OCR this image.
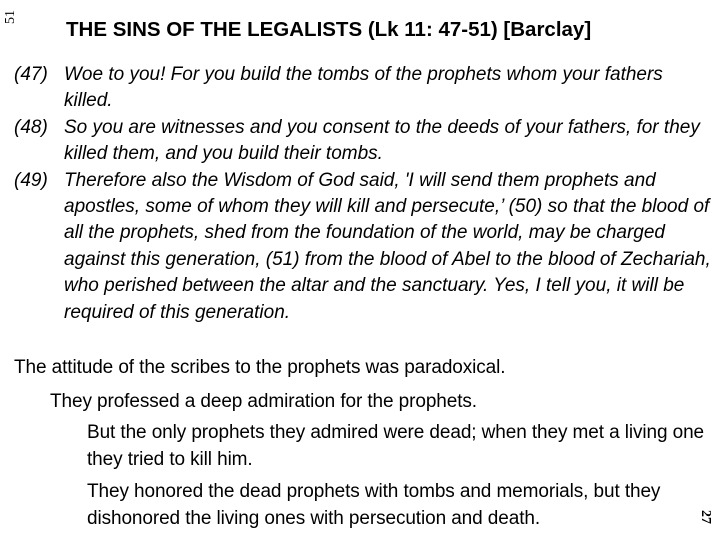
51
THE SINS OF THE LEGALISTS (Lk 11: 47-51) [Barclay]
(47) Woe to you! For you build the tombs of the prophets whom your fathers killed.
(48) So you are witnesses and you consent to the deeds of your fathers, for they killed them, and you build their tombs.
(49) Therefore also the Wisdom of God said, 'I will send them prophets and apostles, some of whom they will kill and persecute,’ (50) so that the blood of all the prophets, shed from the foundation of the world, may be charged against this generation, (51) from the blood of Abel to the blood of Zechariah, who perished between the altar and the sanctuary. Yes, I tell you, it will be required of this generation.
The attitude of the scribes to the prophets was paradoxical.
They professed a deep admiration for the prophets.
But the only prophets they admired were dead; when they met a living one they tried to kill him.
They honored the dead prophets with tombs and memorials, but they dishonored the living ones with persecution and death.	27
